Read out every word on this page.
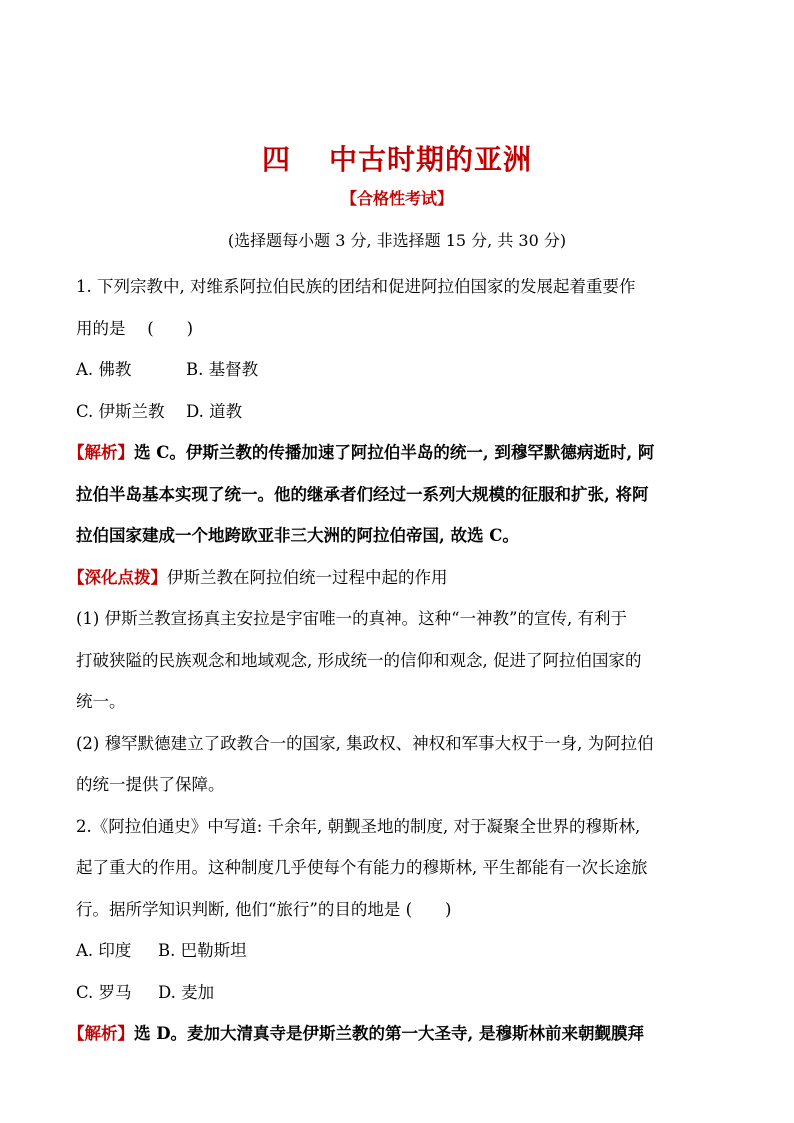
四 中古时期的亚洲
【合格性考试】
(选择题每小题 3 分, 非选择题 15 分, 共 30 分)
1. 下列宗教中, 对维系阿拉伯民族的团结和促进阿拉伯国家的发展起着重要作
用的是　 (　　)
A. 佛教	B. 基督教
C. 伊斯兰教 D. 道教
【解析】选 C。伊斯兰教的传播加速了阿拉伯半岛的统一, 到穆罕默德病逝时, 阿
拉伯半岛基本实现了统一。他的继承者们经过一系列大规模的征服和扩张, 将阿
拉伯国家建成一个地跨欧亚非三大洲的阿拉伯帝国, 故选 C。
【深化点拨】伊斯兰教在阿拉伯统一过程中起的作用
(1) 伊斯兰教宣扬真主安拉是宇宙唯一的真神。这种“一神教”的宣传, 有利于
打破狭隘的民族观念和地域观念, 形成统一的信仰和观念, 促进了阿拉伯国家的
统一。
(2) 穆罕默德建立了政教合一的国家, 集政权、神权和军事大权于一身, 为阿拉伯
的统一提供了保障。
2.《阿拉伯通史》中写道: 千余年, 朝觐圣地的制度, 对于凝聚全世界的穆斯林,
起了重大的作用。这种制度几乎使每个有能力的穆斯林, 平生都能有一次长途旅
行。据所学知识判断, 他们“旅行”的目的地是 (　　)
A. 印度 B. 巴勒斯坦
C. 罗马 D. 麦加
【解析】选 D。麦加大清真寺是伊斯兰教的第一大圣寺, 是穆斯林前来朝觐膜拜
